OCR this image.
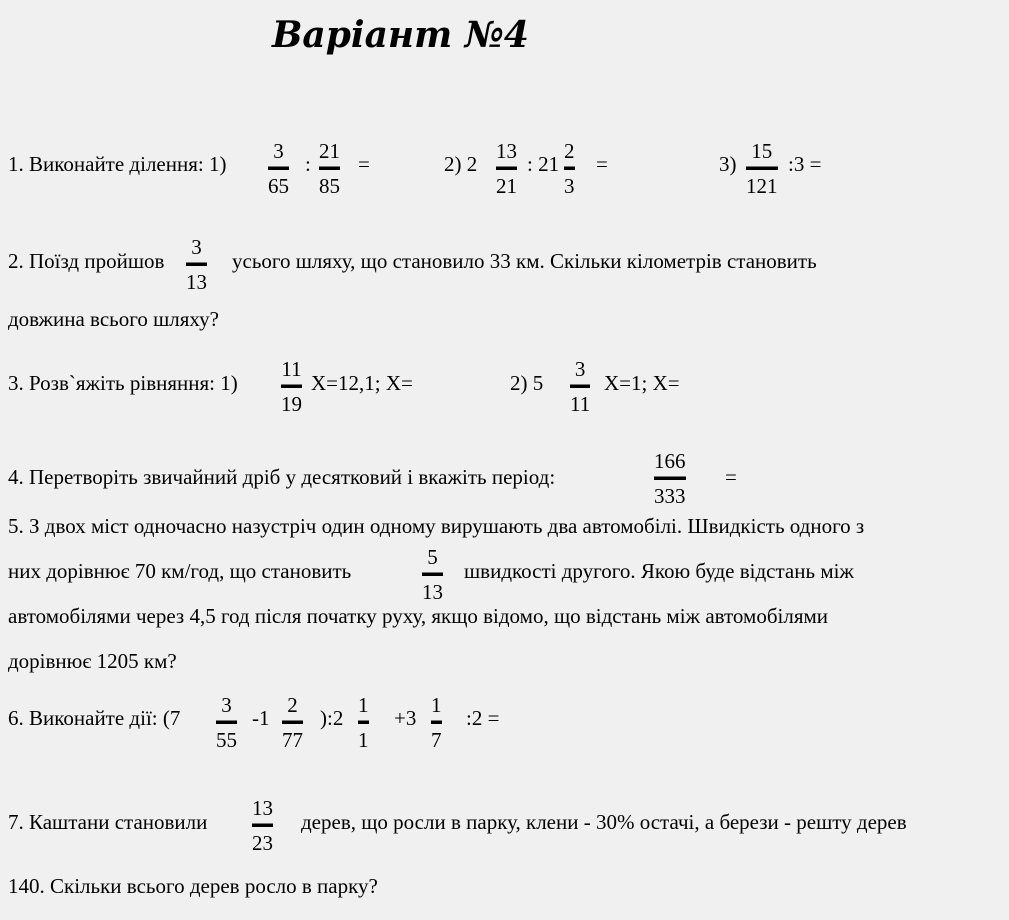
Варіант №4
1. Виконайте ділення: 1)
3
65
:
21
85
=	2) 2
13
21
: 21
2
3
=	3)
15
121
:3 =
2. Поїзд пройшов
3
13
усього шляху, що становило 33 км. Скільки кілометрів становить
довжина всього шляху?
3. Розв`яжіть рівняння: 1)
11
19
X=12,1; X=	2) 5
3
11
X=1; X=
4. Перетворіть звичайний дріб у десятковий і вкажіть період:
166
333
=
5. З двох міст одночасно назустріч один одному вирушають два автомобілі. Швидкість одного з
них дорівнює 70 км/год, що становить
5
13
швидкості другого. Якою буде відстань між
автомобілями через 4,5 год після початку руху, якщо відомо, що відстань між автомобілями
дорівнює 1205 км?
6. Виконайте дії: (7
3
55
-1
2
77
):2
1
1
+3
1
7
:2 =
7. Каштани становили
13
23
дерев, що росли в парку, клени - 30% остачі, а берези - решту дерев
140. Скільки всього дерев росло в парку?
